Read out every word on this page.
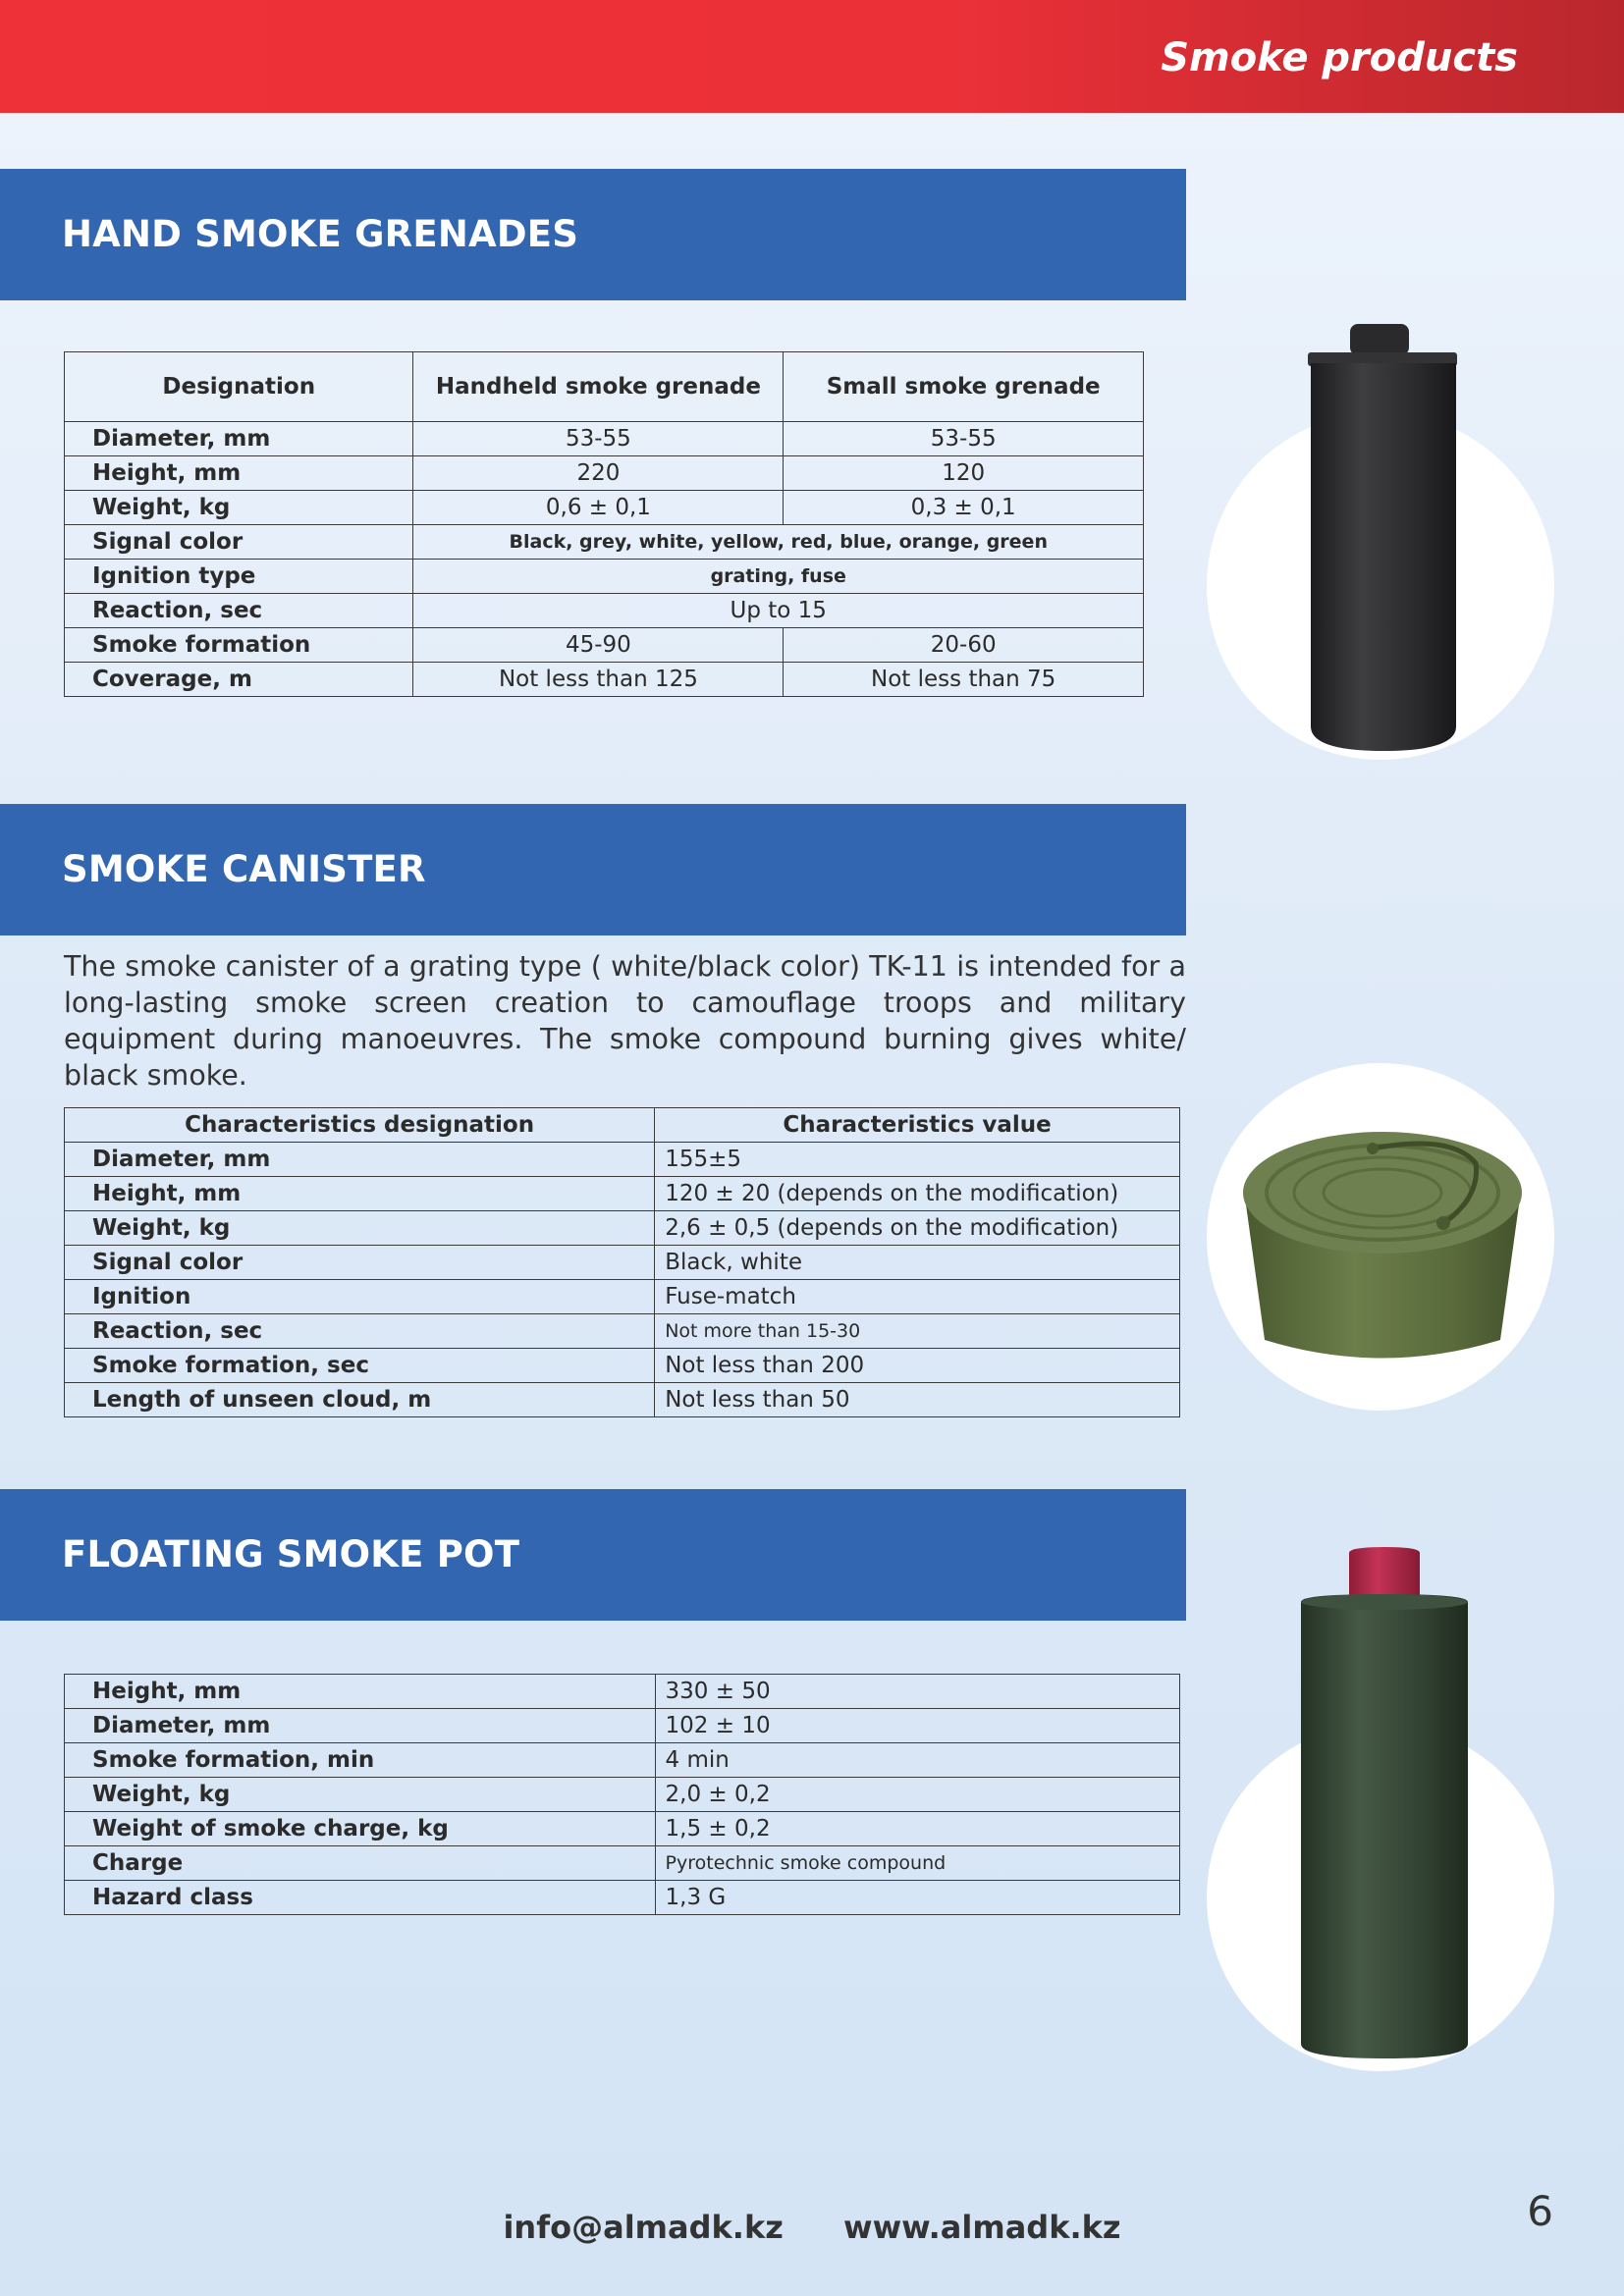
Smoke products
HAND SMOKE GRENADES
Designation	Handheld smoke grenade	Small smoke grenade
Diameter, mm	53-55	53-55
Height, mm	220	120
Weight, kg	0,6 ± 0,1	0,3 ± 0,1
Signal color	Black, grey, white, yellow, red, blue, orange, green	
Ignition type	grating, fuse	
Reaction, sec	Up to 15	
Smoke formation	45-90	20-60
Coverage, m	Not less than 125	Not less than 75
SMOKE CANISTER

The smoke canister of a grating type ( white/black color) TK-11 is intended for a long-lasting smoke screen creation to camouflage troops and military equipment during manoeuvres. The smoke compound burning gives white/ black smoke.

Characteristics designation	Characteristics value
Diameter, mm	155±5
Height, mm	120 ± 20 (depends on the modification)
Weight, kg	2,6 ± 0,5 (depends on the modification)
Signal color	Black, white
Ignition	Fuse-match
Reaction, sec	Not more than 15-30
Smoke formation, sec	Not less than 200
Length of unseen cloud, m	Not less than 50
FLOATING SMOKE POT
Height, mm	330 ± 50
Diameter, mm	102 ± 10
Smoke formation, min	4 min
Weight, kg	2,0 ± 0,2
Weight of smoke charge, kg	1,5 ± 0,2
Charge	Pyrotechnic smoke compound
Hazard class	1,3 G
info@almadk.kz www.almadk.kz	6
